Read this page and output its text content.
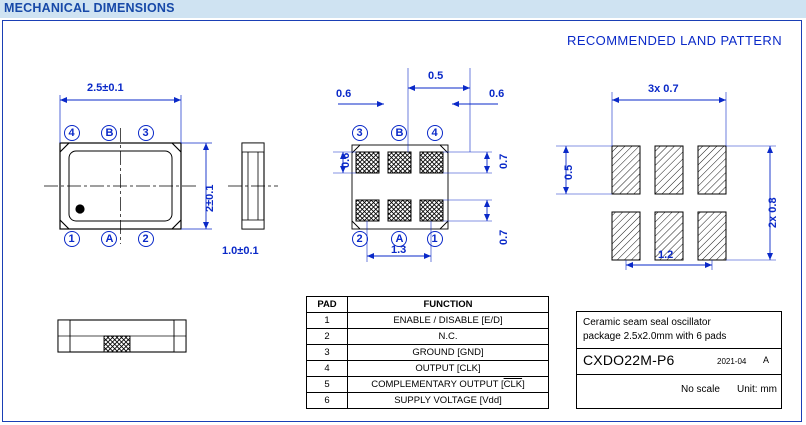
MECHANICAL DIMENSIONS
RECOMMENDED LAND PATTERN
2.5±0.1
2±0.1
4	B	3
1	A	2
1.0±0.1
0.5
0.6	0.6
0.6	0.7
0.7
1.3
3	B	4
2	A	1
3x 0.7
0.5
2x 0.8
1.2
PAD	FUNCTION
1	ENABLE / DISABLE [E/D]
2	N.C.
3	GROUND [GND]
4	OUTPUT [CLK]
5	COMPLEMENTARY OUTPUT $[\overline{CLK}]$
6	SUPPLY VOLTAGE [Vdd]
Ceramic seam seal oscillator
package 2.5x2.0mm with 6 pads
CXDO22M-P6	2021-04 A
No scale Unit: mm
